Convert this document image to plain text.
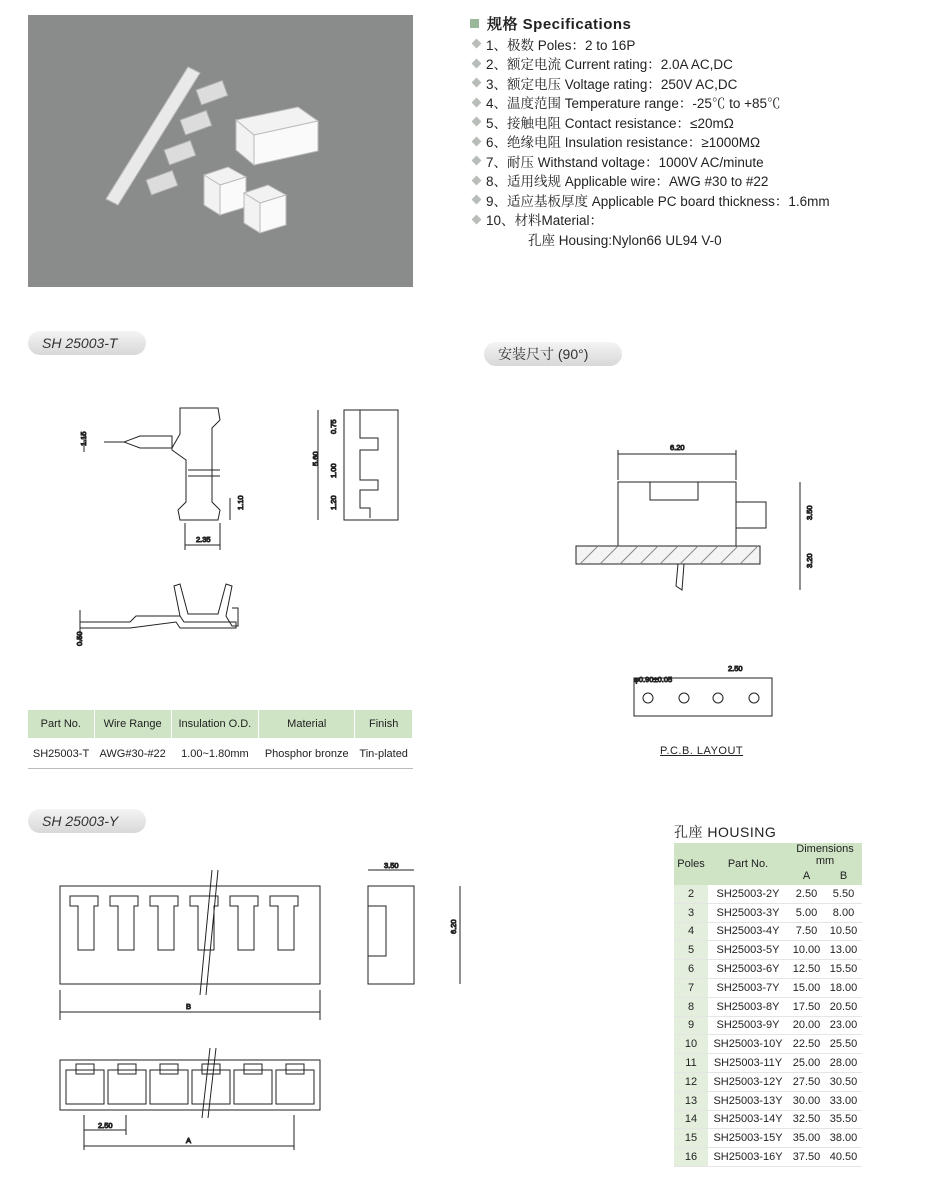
规格 Specifications
1、极数 Poles：2 to 16P
2、额定电流 Current rating：2.0A AC,DC
3、额定电压 Voltage rating：250V AC,DC
4、温度范围 Temperature range：-25℃ to +85℃
5、接触电阻 Contact resistance：≤20mΩ
6、绝缘电阻 Insulation resistance：≥1000MΩ
7、耐压 Withstand voltage：1000V AC/minute
8、适用线规 Applicable wire：AWG #30 to #22
9、适应基板厚度 Applicable PC board thickness：1.6mm
10、材料Material：
孔座 Housing:Nylon66 UL94 V-0
SH 25003-T
安装尺寸 (90°)
SH 25003-Y
1.15
2.35
1.10
5.60
0.75
1.00
1.20
0.50
6.20
3.50
3.20
φ0.90±0.05
2.50
P.C.B. LAYOUT
Part No.	Wire Range	Insulation O.D.	Material	Finish
SH25003-T	AWG#30-#22	1.00~1.80mm	Phosphor bronze	Tin-plated
B
3.50
6.20
2.50
A
孔座 HOUSING
Poles	Part No.	Dimensions mm	
		A	B
2	SH25003-2Y	2.50	5.50
3	SH25003-3Y	5.00	8.00
4	SH25003-4Y	7.50	10.50
5	SH25003-5Y	10.00	13.00
6	SH25003-6Y	12.50	15.50
7	SH25003-7Y	15.00	18.00
8	SH25003-8Y	17.50	20.50
9	SH25003-9Y	20.00	23.00
10	SH25003-10Y	22.50	25.50
11	SH25003-11Y	25.00	28.00
12	SH25003-12Y	27.50	30.50
13	SH25003-13Y	30.00	33.00
14	SH25003-14Y	32.50	35.50
15	SH25003-15Y	35.00	38.00
16	SH25003-16Y	37.50	40.50
